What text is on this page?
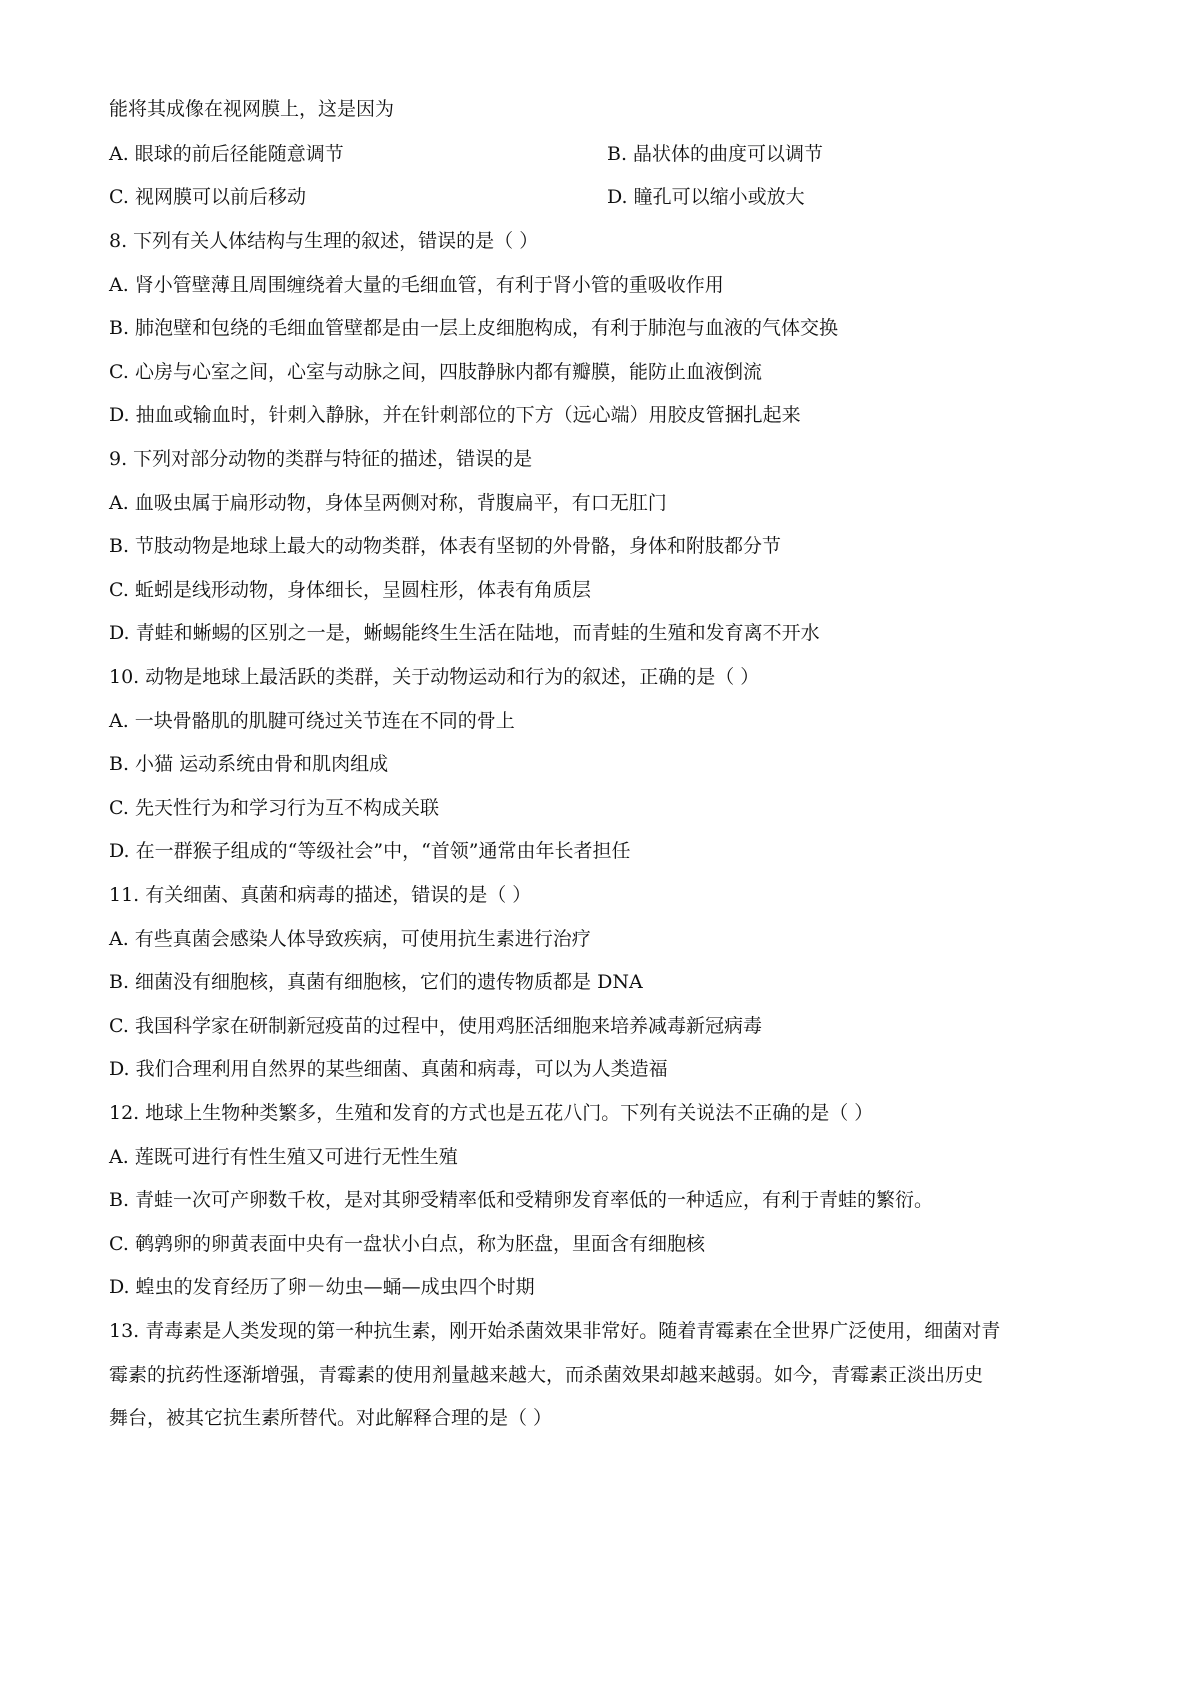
能将其成像在视网膜上，这是因为
A. 眼球的前后径能随意调节	B. 晶状体的曲度可以调节
C. 视网膜可以前后移动	D. 瞳孔可以缩小或放大
8. 下列有关人体结构与生理的叙述，错误的是（ ）
A. 肾小管壁薄且周围缠绕着大量的毛细血管，有利于肾小管的重吸收作用
B. 肺泡壁和包绕的毛细血管壁都是由一层上皮细胞构成，有利于肺泡与血液的气体交换
C. 心房与心室之间，心室与动脉之间，四肢静脉内都有瓣膜，能防止血液倒流
D. 抽血或输血时，针刺入静脉，并在针刺部位的下方（远心端）用胶皮管捆扎起来
9. 下列对部分动物的类群与特征的描述，错误的是
A. 血吸虫属于扁形动物，身体呈两侧对称，背腹扁平，有口无肛门
B. 节肢动物是地球上最大的动物类群，体表有坚韧的外骨骼，身体和附肢都分节
C. 蚯蚓是线形动物，身体细长，呈圆柱形，体表有角质层
D. 青蛙和蜥蜴的区别之一是，蜥蜴能终生生活在陆地，而青蛙的生殖和发育离不开水
10. 动物是地球上最活跃的类群，关于动物运动和行为的叙述，正确的是（ ）
A. 一块骨骼肌的肌腱可绕过关节连在不同的骨上
B. 小猫 运动系统由骨和肌肉组成
C. 先天性行为和学习行为互不构成关联
D. 在一群猴子组成的“等级社会”中，“首领”通常由年长者担任
11. 有关细菌、真菌和病毒的描述，错误的是（ ）
A. 有些真菌会感染人体导致疾病，可使用抗生素进行治疗
B. 细菌没有细胞核，真菌有细胞核，它们的遗传物质都是 DNA
C. 我国科学家在研制新冠疫苗的过程中，使用鸡胚活细胞来培养减毒新冠病毒
D. 我们合理利用自然界的某些细菌、真菌和病毒，可以为人类造福
12. 地球上生物种类繁多，生殖和发育的方式也是五花八门。下列有关说法不正确的是（ ）
A. 莲既可进行有性生殖又可进行无性生殖
B. 青蛙一次可产卵数千枚，是对其卵受精率低和受精卵发育率低的一种适应，有利于青蛙的繁衍。
C. 鹌鹑卵的卵黄表面中央有一盘状小白点，称为胚盘，里面含有细胞核
D. 蝗虫的发育经历了卵－幼虫—蛹—成虫四个时期
13. 青毒素是人类发现的第一种抗生素，刚开始杀菌效果非常好。随着青霉素在全世界广泛使用，细菌对青
霉素的抗药性逐渐增强，青霉素的使用剂量越来越大，而杀菌效果却越来越弱。如今，青霉素正淡出历史
舞台，被其它抗生素所替代。对此解释合理的是（ ）
